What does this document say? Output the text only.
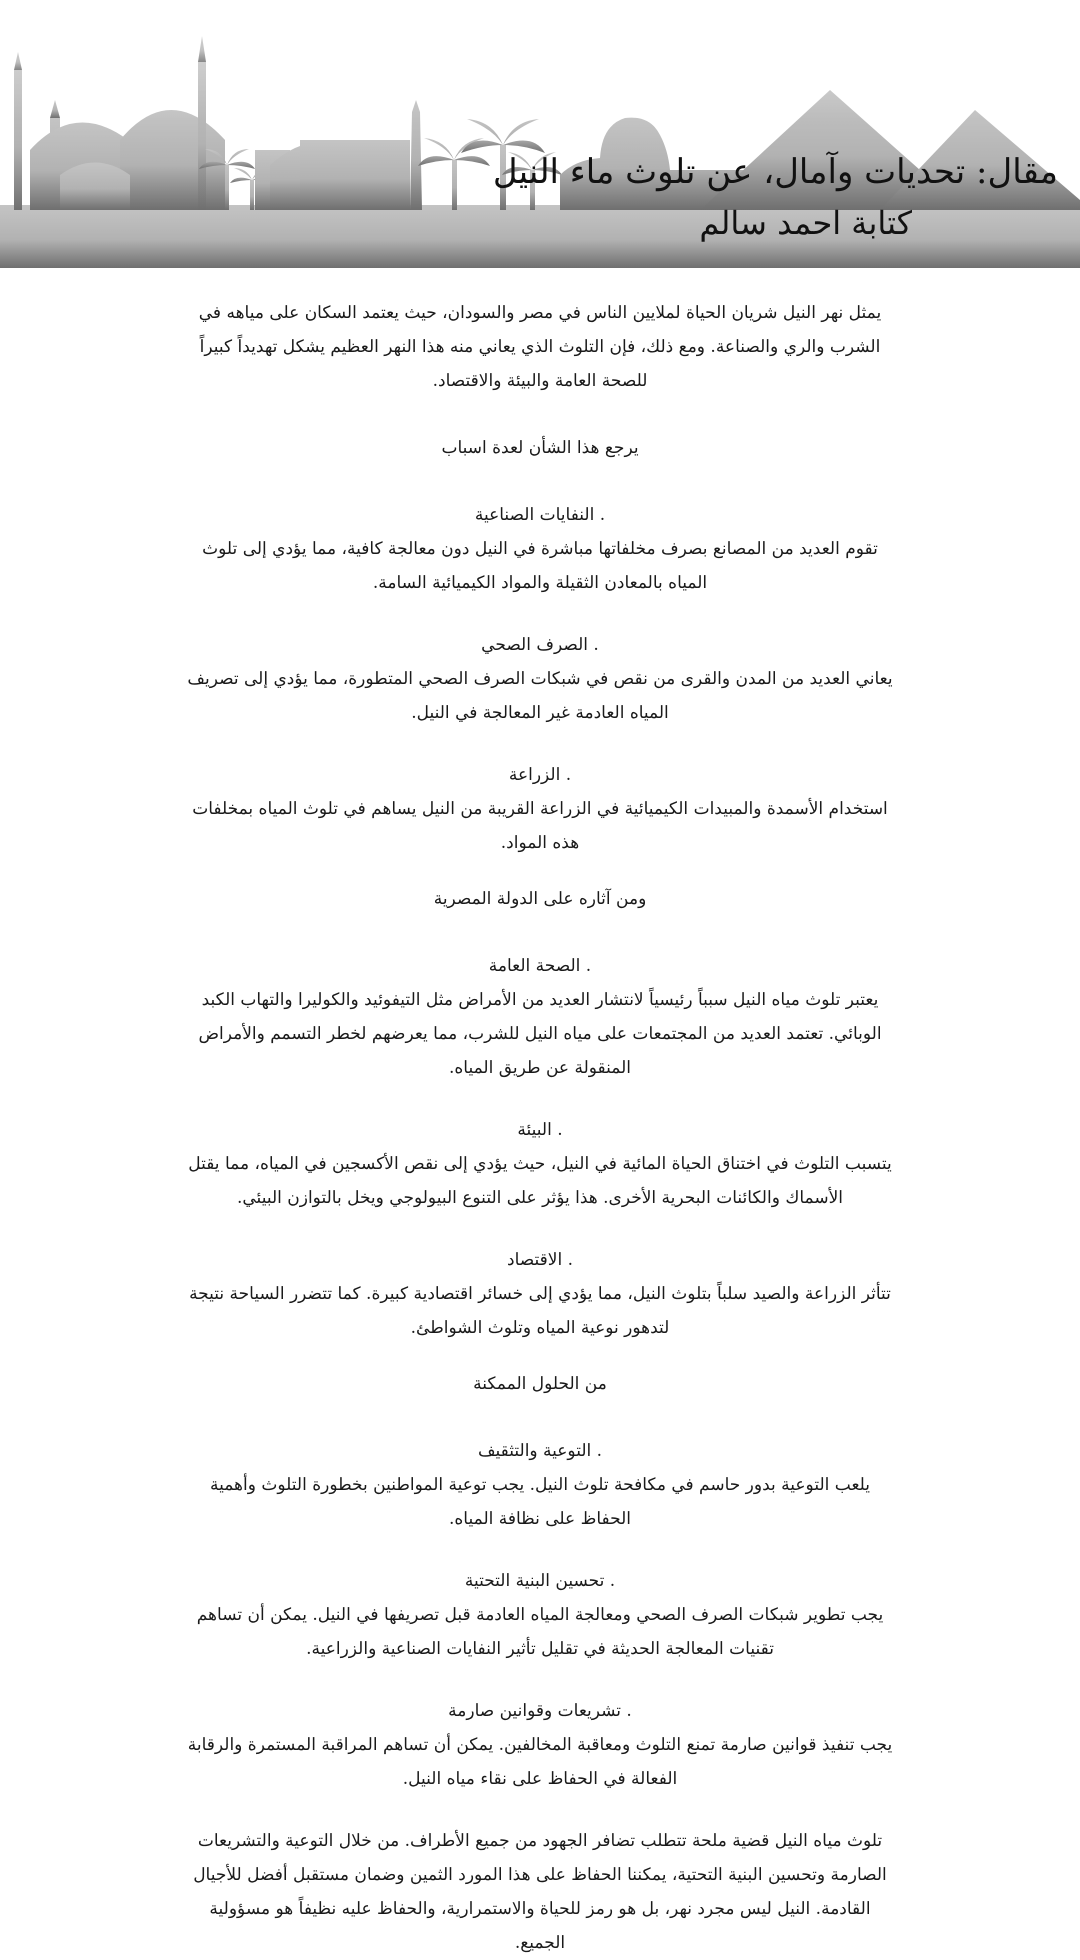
مقال: تحديات وآمال، عن تلوث ماء النيل
كتابة احمد سالم

يمثل نهر النيل شريان الحياة لملايين الناس في مصر والسودان، حيث يعتمد السكان على مياهه في الشرب والري والصناعة. ومع ذلك، فإن التلوث الذي يعاني منه هذا النهر العظيم يشكل تهديداً كبيراً للصحة العامة والبيئة والاقتصاد.

يرجع هذا الشأن لعدة اسباب

. النفايات الصناعية

تقوم العديد من المصانع بصرف مخلفاتها مباشرة في النيل دون معالجة كافية، مما يؤدي إلى تلوث المياه بالمعادن الثقيلة والمواد الكيميائية السامة.

. الصرف الصحي

يعاني العديد من المدن والقرى من نقص في شبكات الصرف الصحي المتطورة، مما يؤدي إلى تصريف المياه العادمة غير المعالجة في النيل.

. الزراعة

استخدام الأسمدة والمبيدات الكيميائية في الزراعة القريبة من النيل يساهم في تلوث المياه بمخلفات هذه المواد.

ومن آثاره على الدولة المصرية

. الصحة العامة

يعتبر تلوث مياه النيل سبباً رئيسياً لانتشار العديد من الأمراض مثل التيفوئيد والكوليرا والتهاب الكبد الوبائي. تعتمد العديد من المجتمعات على مياه النيل للشرب، مما يعرضهم لخطر التسمم والأمراض المنقولة عن طريق المياه.

. البيئة

يتسبب التلوث في اختناق الحياة المائية في النيل، حيث يؤدي إلى نقص الأكسجين في المياه، مما يقتل الأسماك والكائنات البحرية الأخرى. هذا يؤثر على التنوع البيولوجي ويخل بالتوازن البيئي.

. الاقتصاد

تتأثر الزراعة والصيد سلباً بتلوث النيل، مما يؤدي إلى خسائر اقتصادية كبيرة. كما تتضرر السياحة نتيجة لتدهور نوعية المياه وتلوث الشواطئ.

من الحلول الممكنة

. التوعية والتثقيف

يلعب التوعية بدور حاسم في مكافحة تلوث النيل. يجب توعية المواطنين بخطورة التلوث وأهمية الحفاظ على نظافة المياه.

. تحسين البنية التحتية

يجب تطوير شبكات الصرف الصحي ومعالجة المياه العادمة قبل تصريفها في النيل. يمكن أن تساهم تقنيات المعالجة الحديثة في تقليل تأثير النفايات الصناعية والزراعية.

. تشريعات وقوانين صارمة

يجب تنفيذ قوانين صارمة تمنع التلوث ومعاقبة المخالفين. يمكن أن تساهم المراقبة المستمرة والرقابة الفعالة في الحفاظ على نقاء مياه النيل.

تلوث مياه النيل قضية ملحة تتطلب تضافر الجهود من جميع الأطراف. من خلال التوعية والتشريعات الصارمة وتحسين البنية التحتية، يمكننا الحفاظ على هذا المورد الثمين وضمان مستقبل أفضل للأجيال القادمة. النيل ليس مجرد نهر، بل هو رمز للحياة والاستمرارية، والحفاظ عليه نظيفاً هو مسؤولية الجميع.
